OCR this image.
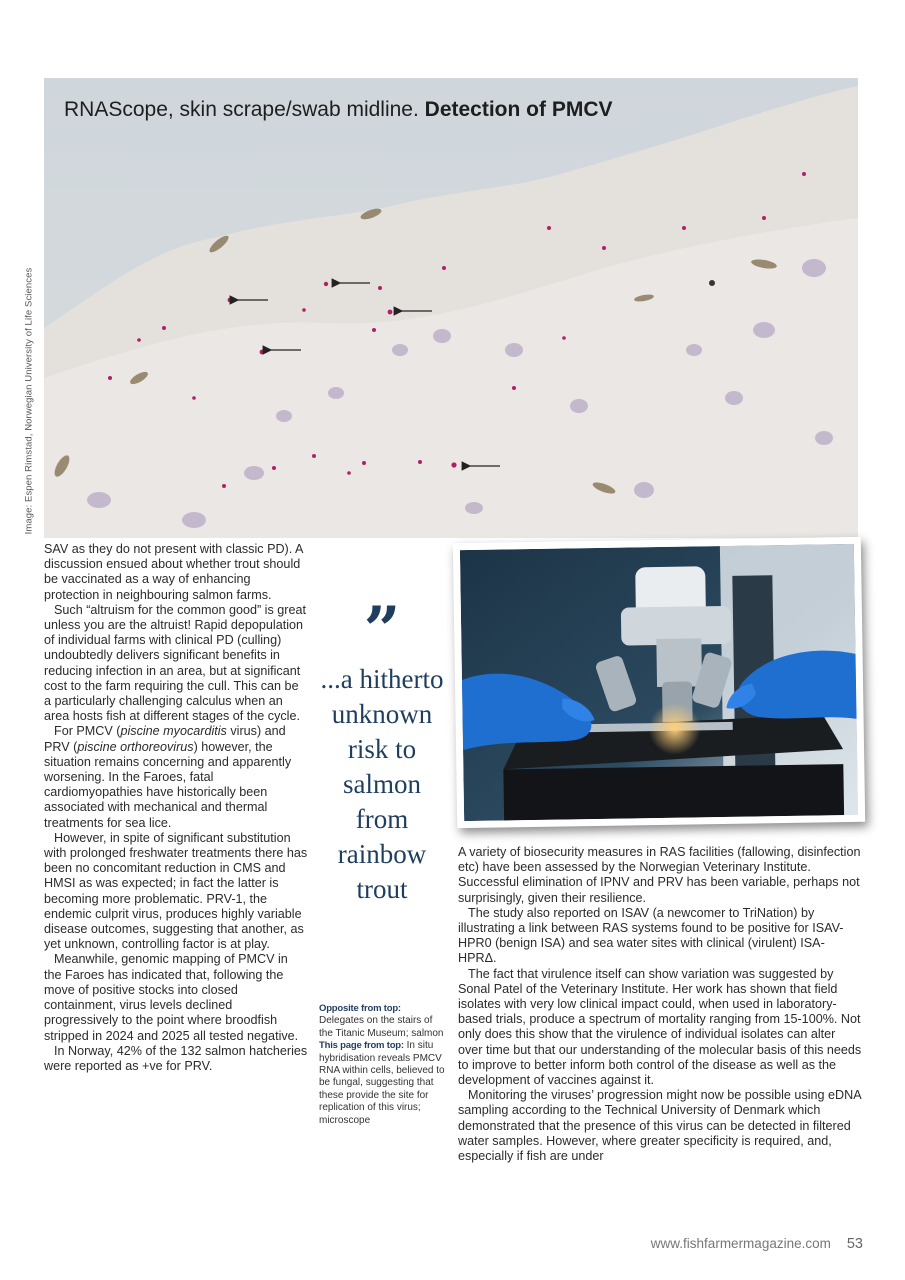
Image: Espen Rimstad, Norwegian University of Life Sciences
RNAScope, skin scrape/swab midline. Detection of PMCV

SAV as they do not present with classic PD). A discussion ensued about whether trout should be vaccinated as a way of enhancing protection in neighbouring salmon farms.

Such “altruism for the common good” is great unless you are the altruist! Rapid depopulation of individual farms with clinical PD (culling) undoubtedly delivers significant benefits in reducing infection in an area, but at significant cost to the farm requiring the cull. This can be a particularly challenging calculus when an area hosts fish at different stages of the cycle.

For PMCV (piscine myocarditis virus) and PRV (piscine orthoreovirus) however, the situation remains concerning and apparently worsening. In the Faroes, fatal cardiomyopathies have historically been associated with mechanical and thermal treatments for sea lice.

However, in spite of significant substitution with prolonged freshwater treatments there has been no concomitant reduction in CMS and HMSI as was expected; in fact the latter is becoming more problematic. PRV-1, the endemic culprit virus, produces highly variable disease outcomes, suggesting that another, as yet unknown, controlling factor is at play.

Meanwhile, genomic mapping of PMCV in the Faroes has indicated that, following the move of positive stocks into closed containment, virus levels declined progressively to the point where broodfish stripped in 2024 and 2025 all tested negative.

In Norway, 42% of the 132 salmon hatcheries were reported as +ve for PRV.

”
...a hitherto unknown risk to salmon from rainbow trout
Opposite from top:
Delegates on the stairs of the Titanic Museum; salmon
This page from top: In situ hybridisation reveals PMCV RNA within cells, believed to be fungal, suggesting that these provide the site for replication of this virus; microscope

A variety of biosecurity measures in RAS facilities (fallowing, disinfection etc) have been assessed by the Norwegian Veterinary Institute. Successful elimination of IPNV and PRV has been variable, perhaps not surprisingly, given their resilience.

The study also reported on ISAV (a newcomer to TriNation) by illustrating a link between RAS systems found to be positive for ISAV-HPR0 (benign ISA) and sea water sites with clinical (virulent) ISA-HPRΔ.

The fact that virulence itself can show variation was suggested by Sonal Patel of the Veterinary Institute. Her work has shown that field isolates with very low clinical impact could, when used in laboratory-based trials, produce a spectrum of mortality ranging from 15-100%. Not only does this show that the virulence of individual isolates can alter over time but that our understanding of the molecular basis of this needs to improve to better inform both control of the disease as well as the development of vaccines against it.

Monitoring the viruses’ progression might now be possible using eDNA sampling according to the Technical University of Denmark which demonstrated that the presence of this virus can be detected in filtered water samples. However, where greater specificity is required, and, especially if fish are under

www.fishfarmermagazine.com 53
